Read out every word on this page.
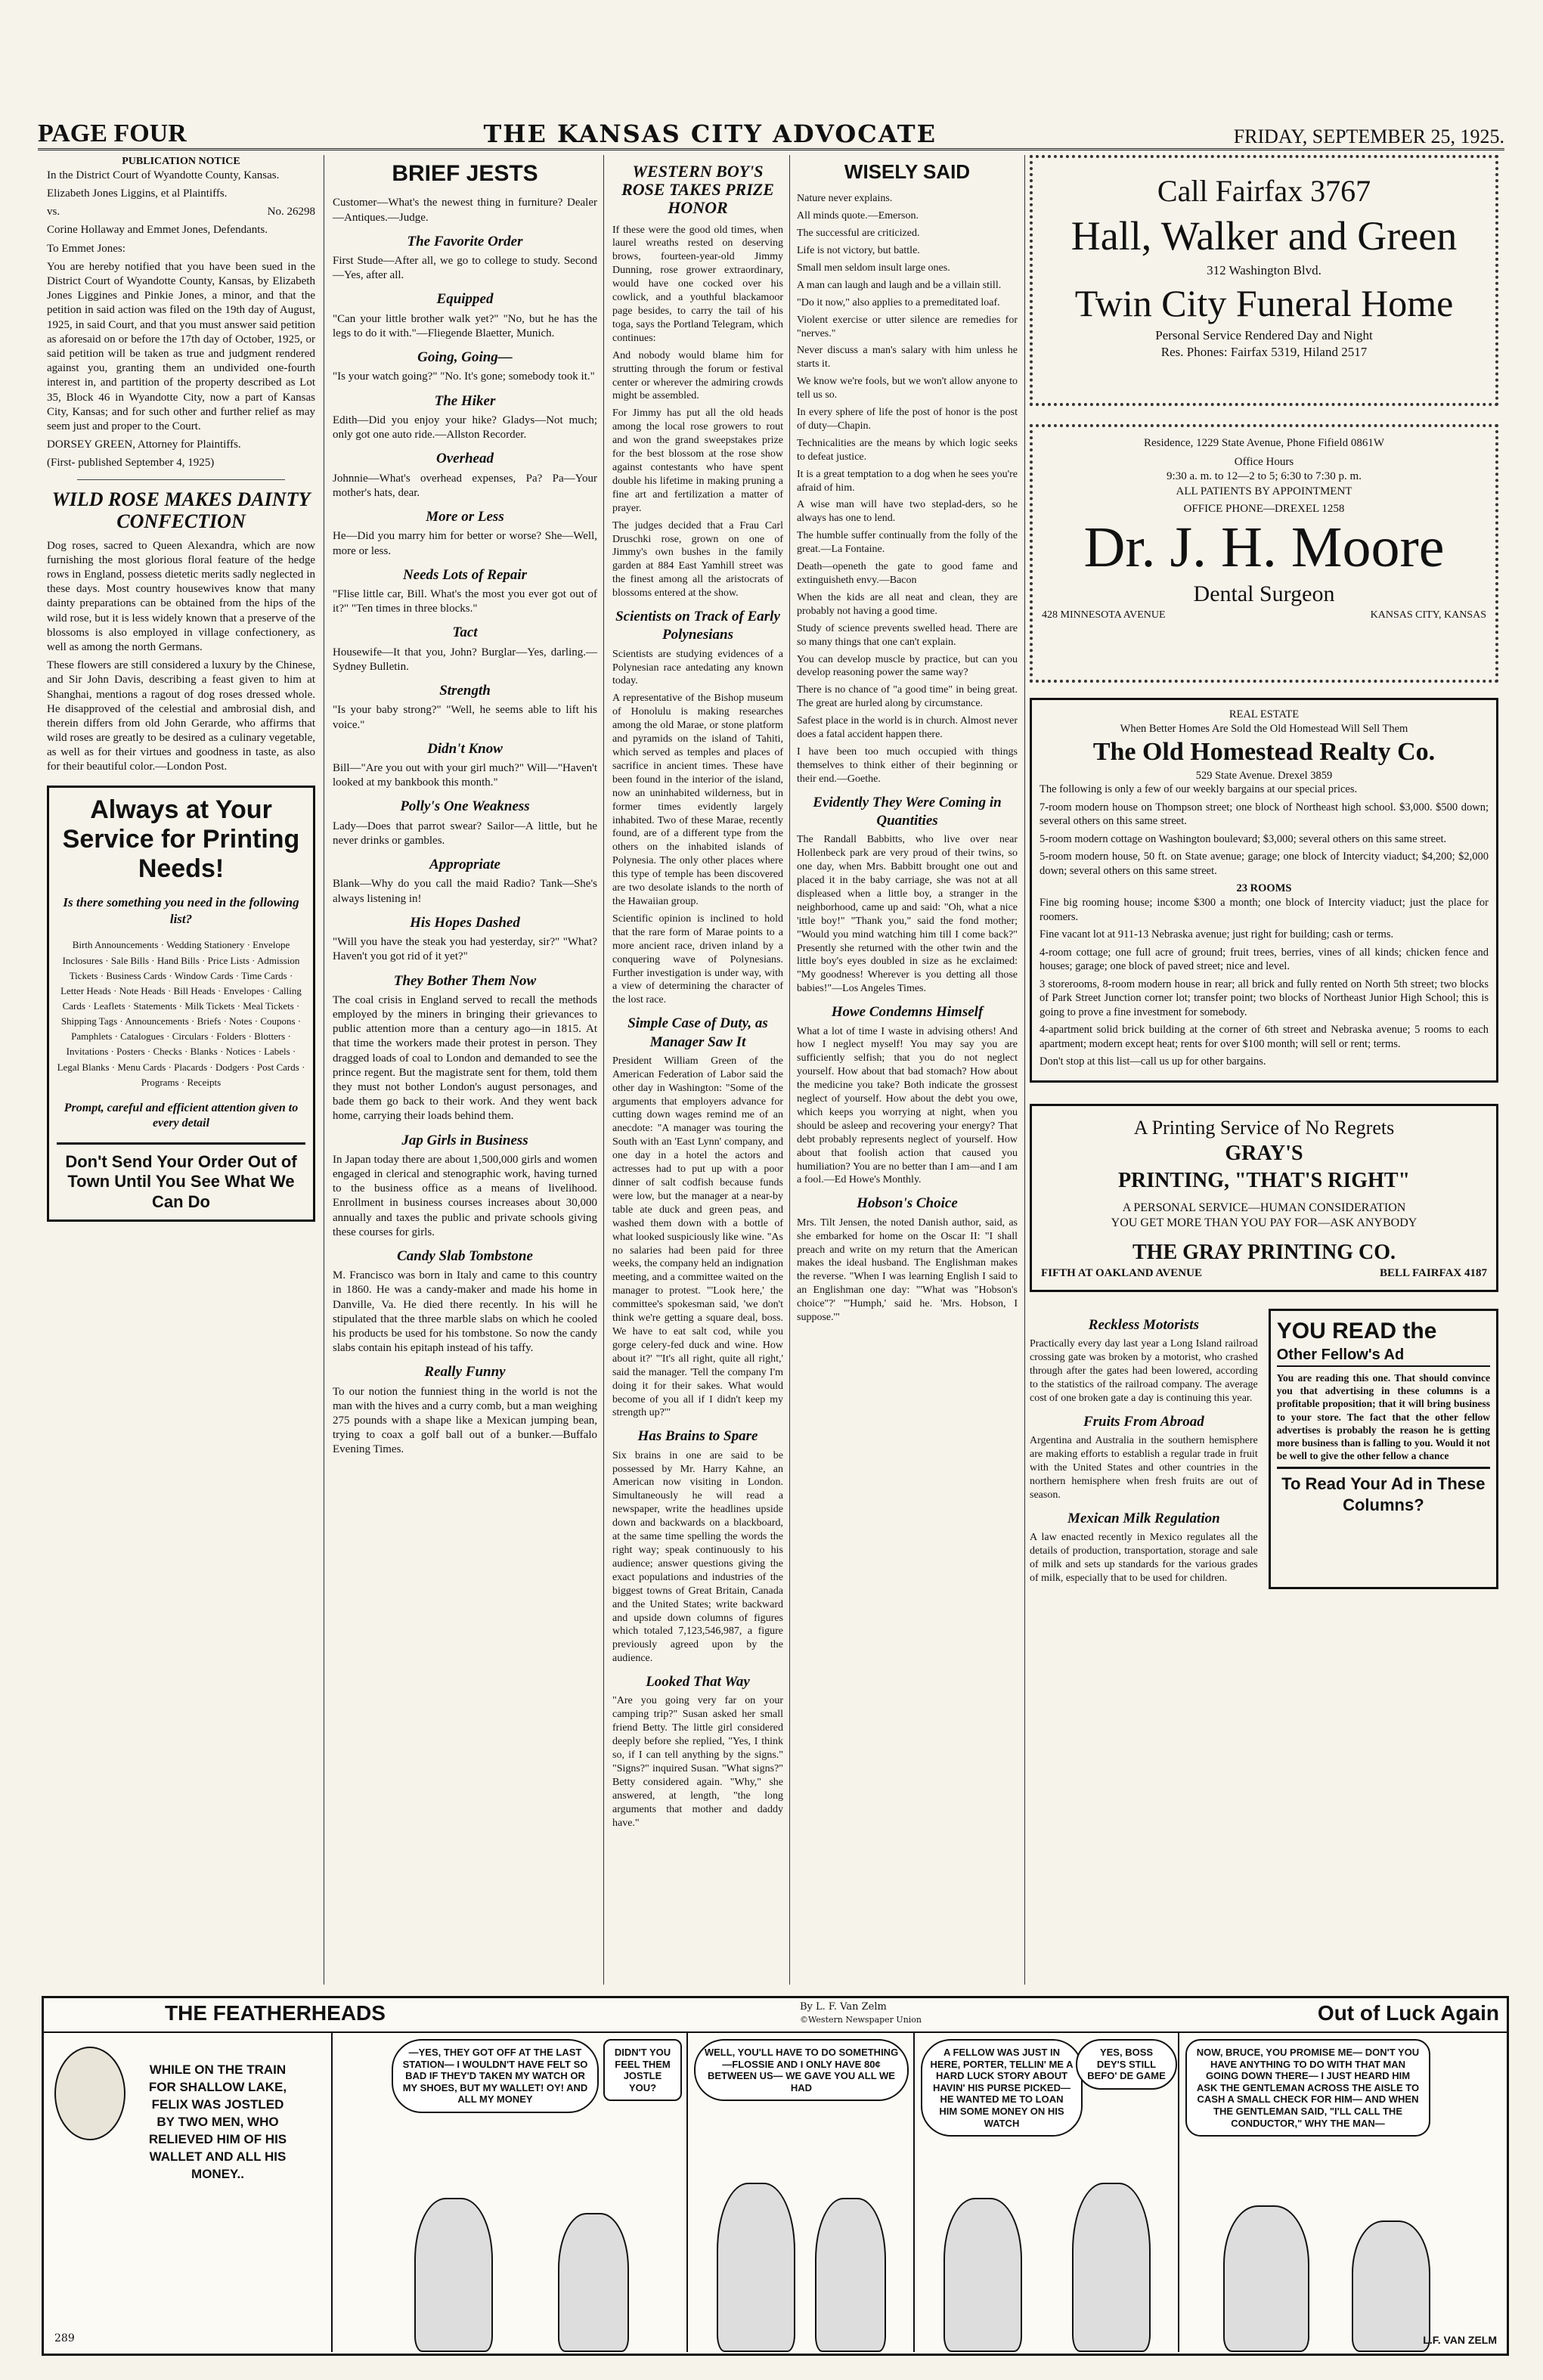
PAGE FOUR	THE KANSAS CITY ADVOCATE	FRIDAY, SEPTEMBER 25, 1925.
PUBLICATION NOTICE

In the District Court of Wyandotte County, Kansas.

Elizabeth Jones Liggins, et al Plaintiffs.

vs.	No. 26298

Corine Hollaway and Emmet Jones, Defendants.

To Emmet Jones:

You are hereby notified that you have been sued in the District Court of Wyandotte County, Kansas, by Elizabeth Jones Liggines and Pinkie Jones, a minor, and that the petition in said action was filed on the 19th day of August, 1925, in said Court, and that you must answer said petition as aforesaid on or before the 17th day of October, 1925, or said petition will be taken as true and judgment rendered against you, granting them an undivided one-fourth interest in, and partition of the property described as Lot 35, Block 46 in Wyandotte City, now a part of Kansas City, Kansas; and for such other and further relief as may seem just and proper to the Court.

DORSEY GREEN, Attorney for Plaintiffs.

(First- published September 4, 1925)

WILD ROSE MAKES DAINTY CONFECTION

Dog roses, sacred to Queen Alexandra, which are now furnishing the most glorious floral feature of the hedge rows in England, possess dietetic merits sadly neglected in these days. Most country housewives know that many dainty preparations can be obtained from the hips of the wild rose, but it is less widely known that a preserve of the blossoms is also employed in village confectionery, as well as among the north Germans.

These flowers are still considered a luxury by the Chinese, and Sir John Davis, describing a feast given to him at Shanghai, mentions a ragout of dog roses dressed whole. He disapproved of the celestial and ambrosial dish, and therein differs from old John Gerarde, who affirms that wild roses are greatly to be desired as a culinary vegetable, as well as for their virtues and goodness in taste, as also for their beautiful color.—London Post.

Always at Your Service for Printing Needs!
Is there something you need in the following list?
Birth Announcements · Wedding Stationery · Envelope Inclosures · Sale Bills · Hand Bills · Price Lists · Admission Tickets · Business Cards · Window Cards · Time Cards · Letter Heads · Note Heads · Bill Heads · Envelopes · Calling Cards · Leaflets · Statements · Milk Tickets · Meal Tickets · Shipping Tags · Announcements · Briefs · Notes · Coupons · Pamphlets · Catalogues · Circulars · Folders · Blotters · Invitations · Posters · Checks · Blanks · Notices · Labels · Legal Blanks · Menu Cards · Placards · Dodgers · Post Cards · Programs · Receipts
Prompt, careful and efficient attention given to every detail
Don't Send Your Order Out of Town Until You See What We Can Do
BRIEF JESTS

Customer—What's the newest thing in furniture? Dealer—Antiques.—Judge.

The Favorite Order

First Stude—After all, we go to college to study. Second—Yes, after all.

Equipped

"Can your little brother walk yet?" "No, but he has the legs to do it with."—Fliegende Blaetter, Munich.

Going, Going—

"Is your watch going?" "No. It's gone; somebody took it."

The Hiker

Edith—Did you enjoy your hike? Gladys—Not much; only got one auto ride.—Allston Recorder.

Overhead

Johnnie—What's overhead expenses, Pa? Pa—Your mother's hats, dear.

More or Less

He—Did you marry him for better or worse? She—Well, more or less.

Needs Lots of Repair

"Flise little car, Bill. What's the most you ever got out of it?" "Ten times in three blocks."

Tact

Housewife—It that you, John? Burglar—Yes, darling.—Sydney Bulletin.

Strength

"Is your baby strong?" "Well, he seems able to lift his voice."

Didn't Know

Bill—"Are you out with your girl much?" Will—"Haven't looked at my bankbook this month."

Polly's One Weakness

Lady—Does that parrot swear? Sailor—A little, but he never drinks or gambles.

Appropriate

Blank—Why do you call the maid Radio? Tank—She's always listening in!

His Hopes Dashed

"Will you have the steak you had yesterday, sir?" "What? Haven't you got rid of it yet?"

They Bother Them Now

The coal crisis in England served to recall the methods employed by the miners in bringing their grievances to public attention more than a century ago—in 1815. At that time the workers made their protest in person. They dragged loads of coal to London and demanded to see the prince regent. But the magistrate sent for them, told them they must not bother London's august personages, and bade them go back to their work. And they went back home, carrying their loads behind them.

Jap Girls in Business

In Japan today there are about 1,500,000 girls and women engaged in clerical and stenographic work, having turned to the business office as a means of livelihood. Enrollment in business courses increases about 30,000 annually and taxes the public and private schools giving these courses for girls.

Candy Slab Tombstone

M. Francisco was born in Italy and came to this country in 1860. He was a candy-maker and made his home in Danville, Va. He died there recently. In his will he stipulated that the three marble slabs on which he cooled his products be used for his tombstone. So now the candy slabs contain his epitaph instead of his taffy.

Really Funny

To our notion the funniest thing in the world is not the man with the hives and a curry comb, but a man weighing 275 pounds with a shape like a Mexican jumping bean, trying to coax a golf ball out of a bunker.—Buffalo Evening Times.

WESTERN BOY'S ROSE TAKES PRIZE HONOR

If these were the good old times, when laurel wreaths rested on deserving brows, fourteen-year-old Jimmy Dunning, rose grower extraordinary, would have one cocked over his cowlick, and a youthful blackamoor page besides, to carry the tail of his toga, says the Portland Telegram, which continues:

And nobody would blame him for strutting through the forum or festival center or wherever the admiring crowds might be assembled.

For Jimmy has put all the old heads among the local rose growers to rout and won the grand sweepstakes prize for the best blossom at the rose show against contestants who have spent double his lifetime in making pruning a fine art and fertilization a matter of prayer.

The judges decided that a Frau Carl Druschki rose, grown on one of Jimmy's own bushes in the family garden at 884 East Yamhill street was the finest among all the aristocrats of blossoms entered at the show.

Scientists on Track of Early Polynesians

Scientists are studying evidences of a Polynesian race antedating any known today.

A representative of the Bishop museum of Honolulu is making researches among the old Marae, or stone platform and pyramids on the island of Tahiti, which served as temples and places of sacrifice in ancient times. These have been found in the interior of the island, now an uninhabited wilderness, but in former times evidently largely inhabited. Two of these Marae, recently found, are of a different type from the others on the inhabited islands of Polynesia. The only other places where this type of temple has been discovered are two desolate islands to the north of the Hawaiian group.

Scientific opinion is inclined to hold that the rare form of Marae points to a more ancient race, driven inland by a conquering wave of Polynesians. Further investigation is under way, with a view of determining the character of the lost race.

Simple Case of Duty, as Manager Saw It

President William Green of the American Federation of Labor said the other day in Washington: "Some of the arguments that employers advance for cutting down wages remind me of an anecdote: "A manager was touring the South with an 'East Lynn' company, and one day in a hotel the actors and actresses had to put up with a poor dinner of salt codfish because funds were low, but the manager at a near-by table ate duck and green peas, and washed them down with a bottle of what looked suspiciously like wine. "As no salaries had been paid for three weeks, the company held an indignation meeting, and a committee waited on the manager to protest. "'Look here,' the committee's spokesman said, 'we don't think we're getting a square deal, boss. We have to eat salt cod, while you gorge celery-fed duck and wine. How about it?' "'It's all right, quite all right,' said the manager. 'Tell the company I'm doing it for their sakes. What would become of you all if I didn't keep my strength up?'"

Has Brains to Spare

Six brains in one are said to be possessed by Mr. Harry Kahne, an American now visiting in London. Simultaneously he will read a newspaper, write the headlines upside down and backwards on a blackboard, at the same time spelling the words the right way; speak continuously to his audience; answer questions giving the exact populations and industries of the biggest towns of Great Britain, Canada and the United States; write backward and upside down columns of figures which totaled 7,123,546,987, a figure previously agreed upon by the audience.

Looked That Way

"Are you going very far on your camping trip?" Susan asked her small friend Betty. The little girl considered deeply before she replied, "Yes, I think so, if I can tell anything by the signs." "Signs?" inquired Susan. "What signs?" Betty considered again. "Why," she answered, at length, "the long arguments that mother and daddy have."

WISELY SAID

Nature never explains.

All minds quote.—Emerson.

The successful are criticized.

Life is not victory, but battle.

Small men seldom insult large ones.

A man can laugh and laugh and be a villain still.

"Do it now," also applies to a premeditated loaf.

Violent exercise or utter silence are remedies for "nerves."

Never discuss a man's salary with him unless he starts it.

We know we're fools, but we won't allow anyone to tell us so.

In every sphere of life the post of honor is the post of duty—Chapin.

Technicalities are the means by which logic seeks to defeat justice.

It is a great temptation to a dog when he sees you're afraid of him.

A wise man will have two steplad-ders, so he always has one to lend.

The humble suffer continually from the folly of the great.—La Fontaine.

Death—openeth the gate to good fame and extinguisheth envy.—Bacon

When the kids are all neat and clean, they are probably not having a good time.

Study of science prevents swelled head. There are so many things that one can't explain.

You can develop muscle by practice, but can you develop reasoning power the same way?

There is no chance of "a good time" in being great. The great are hurled along by circumstance.

Safest place in the world is in church. Almost never does a fatal accident happen there.

I have been too much occupied with things themselves to think either of their beginning or their end.—Goethe.

Evidently They Were Coming in Quantities

The Randall Babbitts, who live over near Hollenbeck park are very proud of their twins, so one day, when Mrs. Babbitt brought one out and placed it in the baby carriage, she was not at all displeased when a little boy, a stranger in the neighborhood, came up and said: "Oh, what a nice 'ittle boy!" "Thank you," said the fond mother; "Would you mind watching him till I come back?" Presently she returned with the other twin and the little boy's eyes doubled in size as he exclaimed: "My goodness! Wherever is you detting all those babies!"—Los Angeles Times.

Howe Condemns Himself

What a lot of time I waste in advising others! And how I neglect myself! You may say you are sufficiently selfish; that you do not neglect yourself. How about that bad stomach? How about the medicine you take? Both indicate the grossest neglect of yourself. How about the debt you owe, which keeps you worrying at night, when you should be asleep and recovering your energy? That debt probably represents neglect of yourself. How about that foolish action that caused you humiliation? You are no better than I am—and I am a fool.—Ed Howe's Monthly.

Hobson's Choice

Mrs. Tilt Jensen, the noted Danish author, said, as she embarked for home on the Oscar II: "I shall preach and write on my return that the American makes the ideal husband. The Englishman makes the reverse. "When I was learning English I said to an Englishman one day: "'What was "Hobson's choice"?' "'Humph,' said he. 'Mrs. Hobson, I suppose.'"

Call Fairfax 3767
Hall, Walker and Green
312 Washington Blvd.
Twin City Funeral Home
Personal Service Rendered Day and Night
Res. Phones: Fairfax 5319, Hiland 2517
Residence, 1229 State Avenue, Phone Fifield 0861W
Office Hours
9:30 a. m. to 12—2 to 5; 6:30 to 7:30 p. m.
ALL PATIENTS BY APPOINTMENT
OFFICE PHONE—DREXEL 1258
Dr. J. H. Moore
Dental Surgeon
428 MINNESOTA AVENUE	KANSAS CITY, KANSAS
REAL ESTATE
When Better Homes Are Sold the Old Homestead Will Sell Them
The Old Homestead Realty Co.
529 State Avenue. Drexel 3859

The following is only a few of our weekly bargains at our special prices.

7-room modern house on Thompson street; one block of Northeast high school. $3,000. $500 down; several others on this same street.

5-room modern cottage on Washington boulevard; $3,000; several others on this same street.

5-room modern house, 50 ft. on State avenue; garage; one block of Intercity viaduct; $4,200; $2,000 down; several others on this same street.

23 ROOMS

Fine big rooming house; income $300 a month; one block of Intercity viaduct; just the place for roomers.

Fine vacant lot at 911-13 Nebraska avenue; just right for building; cash or terms.

4-room cottage; one full acre of ground; fruit trees, berries, vines of all kinds; chicken fence and houses; garage; one block of paved street; nice and level.

3 storerooms, 8-room modern house in rear; all brick and fully rented on North 5th street; two blocks of Park Street Junction corner lot; transfer point; two blocks of Northeast Junior High School; this is going to prove a fine investment for somebody.

4-apartment solid brick building at the corner of 6th street and Nebraska avenue; 5 rooms to each apartment; modern except heat; rents for over $100 month; will sell or rent; terms.

Don't stop at this list—call us up for other bargains.

A Printing Service of No Regrets
GRAY'S
PRINTING, "THAT'S RIGHT"
A PERSONAL SERVICE—HUMAN CONSIDERATION
YOU GET MORE THAN YOU PAY FOR—ASK ANYBODY
THE GRAY PRINTING CO.
FIFTH AT OAKLAND AVENUE	BELL FAIRFAX 4187
Reckless Motorists

Practically every day last year a Long Island railroad crossing gate was broken by a motorist, who crashed through after the gates had been lowered, according to the statistics of the railroad company. The average cost of one broken gate a day is continuing this year.

Fruits From Abroad

Argentina and Australia in the southern hemisphere are making efforts to establish a regular trade in fruit with the United States and other countries in the northern hemisphere when fresh fruits are out of season.

Mexican Milk Regulation

A law enacted recently in Mexico regulates all the details of production, transportation, storage and sale of milk and sets up standards for the various grades of milk, especially that to be used for children.

YOU READ the
Other Fellow's Ad

You are reading this one. That should convince you that advertising in these columns is a profitable proposition; that it will bring business to your store. The fact that the other fellow advertises is probably the reason he is getting more business than is falling to you. Would it not be well to give the other fellow a chance

To Read Your Ad in These Columns?
THE FEATHERHEADS	By L. F. Van Zelm
©Western Newspaper Union	Out of Luck Again
WHILE ON THE TRAIN FOR SHALLOW LAKE, FELIX WAS JOSTLED BY TWO MEN, WHO RELIEVED HIM OF HIS WALLET AND ALL HIS MONEY..
289
—YES, THEY GOT OFF AT THE LAST STATION— I WOULDN'T HAVE FELT SO BAD IF THEY'D TAKEN MY WATCH OR MY SHOES, BUT MY WALLET! OY! AND ALL MY MONEY
DIDN'T YOU FEEL THEM JOSTLE YOU?
WELL, YOU'LL HAVE TO DO SOMETHING—FLOSSIE AND I ONLY HAVE 80¢ BETWEEN US— WE GAVE YOU ALL WE HAD
A FELLOW WAS JUST IN HERE, PORTER, TELLIN' ME A HARD LUCK STORY ABOUT HAVIN' HIS PURSE PICKED— HE WANTED ME TO LOAN HIM SOME MONEY ON HIS WATCH
YES, BOSS DEY'S STILL BEFO' DE GAME
NOW, BRUCE, YOU PROMISE ME— DON'T YOU HAVE ANYTHING TO DO WITH THAT MAN GOING DOWN THERE— I JUST HEARD HIM ASK THE GENTLEMAN ACROSS THE AISLE TO CASH A SMALL CHECK FOR HIM— AND WHEN THE GENTLEMAN SAID, "I'LL CALL THE CONDUCTOR," WHY THE MAN—
L.F. VAN ZELM
